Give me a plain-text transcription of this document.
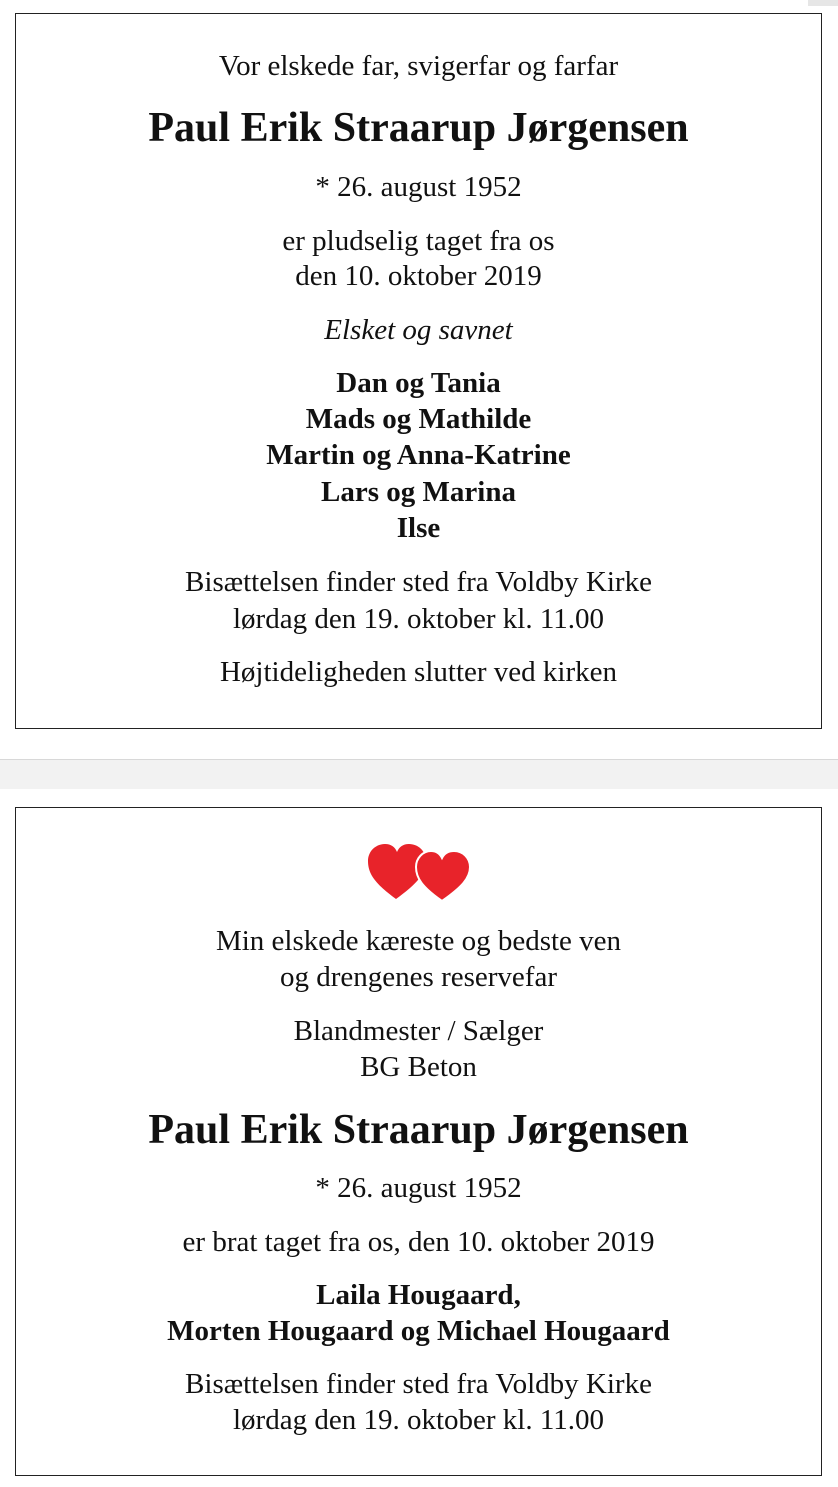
Vor elskede far, svigerfar og farfar
Paul Erik Straarup Jørgensen
* 26. august 1952
er pludselig taget fra os
den 10. oktober 2019
Elsket og savnet
Dan og Tania
Mads og Mathilde
Martin og Anna-Katrine
Lars og Marina
Ilse
Bisættelsen finder sted fra Voldby Kirke
lørdag den 19. oktober kl. 11.00
Højtideligheden slutter ved kirken
Min elskede kæreste og bedste ven
og drengenes reservefar
Blandmester / Sælger
BG Beton
Paul Erik Straarup Jørgensen
* 26. august 1952
er brat taget fra os, den 10. oktober 2019
Laila Hougaard,
Morten Hougaard og Michael Hougaard
Bisættelsen finder sted fra Voldby Kirke
lørdag den 19. oktober kl. 11.00
